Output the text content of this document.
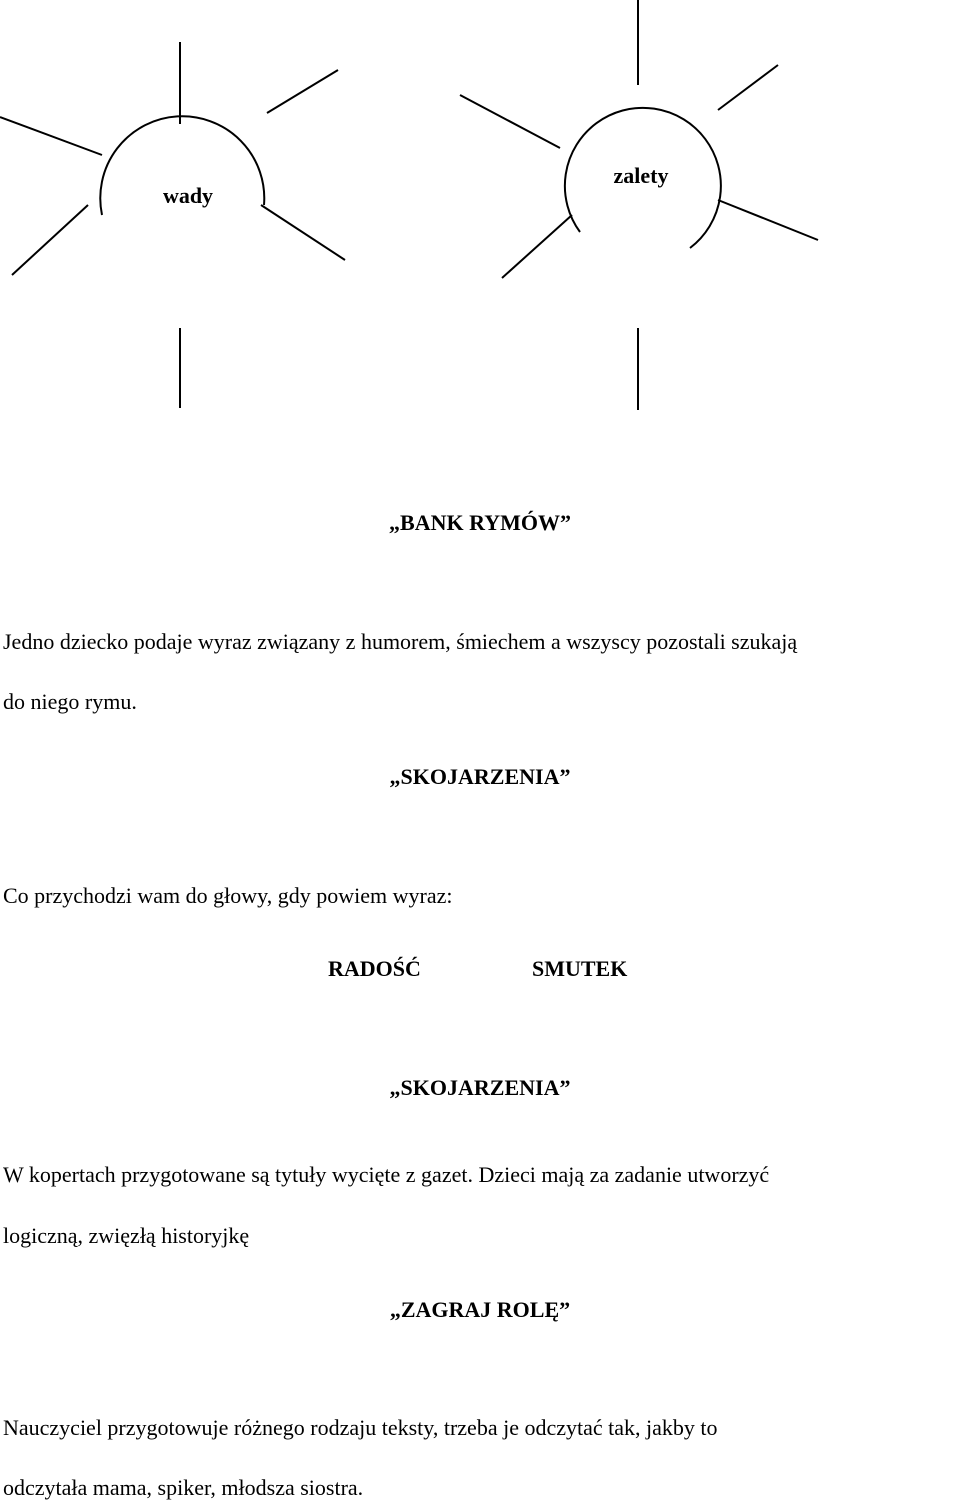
wady
zalety
„BANK RYMÓW”
Jedno dziecko podaje wyraz związany z humorem, śmiechem a wszyscy pozostali szukają
do niego rymu.
„SKOJARZENIA”
Co przychodzi wam do głowy, gdy powiem wyraz:
RADOŚĆ	SMUTEK
„SKOJARZENIA”
W kopertach przygotowane są tytuły wycięte z gazet. Dzieci mają za zadanie utworzyć
logiczną, zwięzłą historyjkę
„ZAGRAJ ROLĘ”
Nauczyciel przygotowuje różnego rodzaju teksty, trzeba je odczytać tak, jakby to
odczytała mama, spiker, młodsza siostra.
